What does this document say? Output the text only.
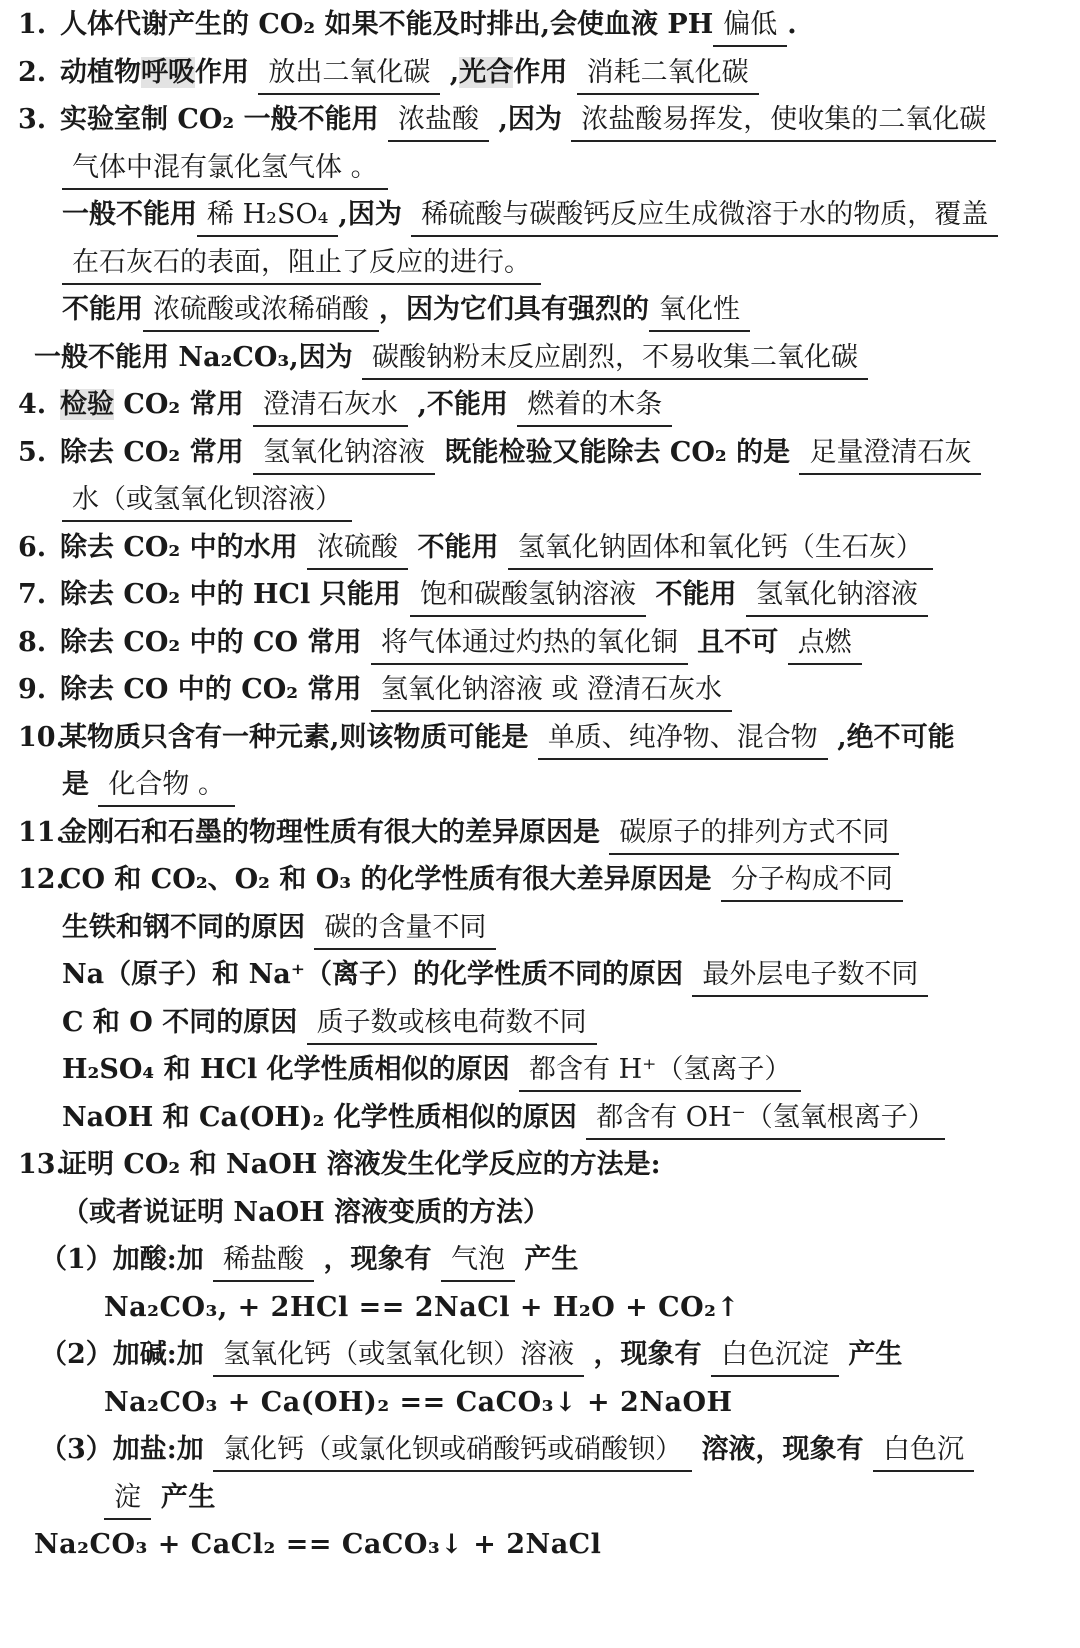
1. 人体代谢产生的 CO₂ 如果不能及时排出,会使血液 PH 偏低 .
2. 动植物呼吸作用 放出二氧化碳 ,光合作用 消耗二氧化碳
3. 实验室制 CO₂ 一般不能用 浓盐酸 ,因为 浓盐酸易挥发，使收集的二氧化碳
气体中混有氯化氢气体 。
一般不能用 稀 H₂SO₄ ,因为 稀硫酸与碳酸钙反应生成微溶于水的物质，覆盖
在石灰石的表面，阻止了反应的进行。
不能用 浓硫酸或浓稀硝酸 ，因为它们具有强烈的 氧化性
一般不能用 Na₂CO₃,因为 碳酸钠粉末反应剧烈，不易收集二氧化碳
4. 检验 CO₂ 常用 澄清石灰水 ,不能用 燃着的木条
5. 除去 CO₂ 常用 氢氧化钠溶液 既能检验又能除去 CO₂ 的是 足量澄清石灰
水（或氢氧化钡溶液）
6. 除去 CO₂ 中的水用 浓硫酸 不能用 氢氧化钠固体和氧化钙（生石灰）
7. 除去 CO₂ 中的 HCl 只能用 饱和碳酸氢钠溶液 不能用 氢氧化钠溶液
8. 除去 CO₂ 中的 CO 常用 将气体通过灼热的氧化铜 且不可 点燃
9. 除去 CO 中的 CO₂ 常用 氢氧化钠溶液 或 澄清石灰水
10.某物质只含有一种元素,则该物质可能是 单质、纯净物、混合物 ,绝不可能
是 化合物 。
11.金刚石和石墨的物理性质有很大的差异原因是 碳原子的排列方式不同
12.CO 和 CO₂、O₂ 和 O₃ 的化学性质有很大差异原因是 分子构成不同
生铁和钢不同的原因 碳的含量不同
Na（原子）和 Na⁺（离子）的化学性质不同的原因 最外层电子数不同
C 和 O 不同的原因 质子数或核电荷数不同
H₂SO₄ 和 HCl 化学性质相似的原因 都含有 H⁺（氢离子）
NaOH 和 Ca(OH)₂ 化学性质相似的原因 都含有 OH⁻（氢氧根离子）
13.证明 CO₂ 和 NaOH 溶液发生化学反应的方法是:
（或者说证明 NaOH 溶液变质的方法）
（1）加酸:加 稀盐酸 ，现象有 气泡 产生
Na₂CO₃, + 2HCl == 2NaCl + H₂O + CO₂↑
（2）加碱:加 氢氧化钙（或氢氧化钡）溶液 ，现象有 白色沉淀 产生
Na₂CO₃ + Ca(OH)₂ == CaCO₃↓ + 2NaOH
（3）加盐:加 氯化钙（或氯化钡或硝酸钙或硝酸钡） 溶液，现象有 白色沉
淀 产生
Na₂CO₃ + CaCl₂ == CaCO₃↓ + 2NaCl
